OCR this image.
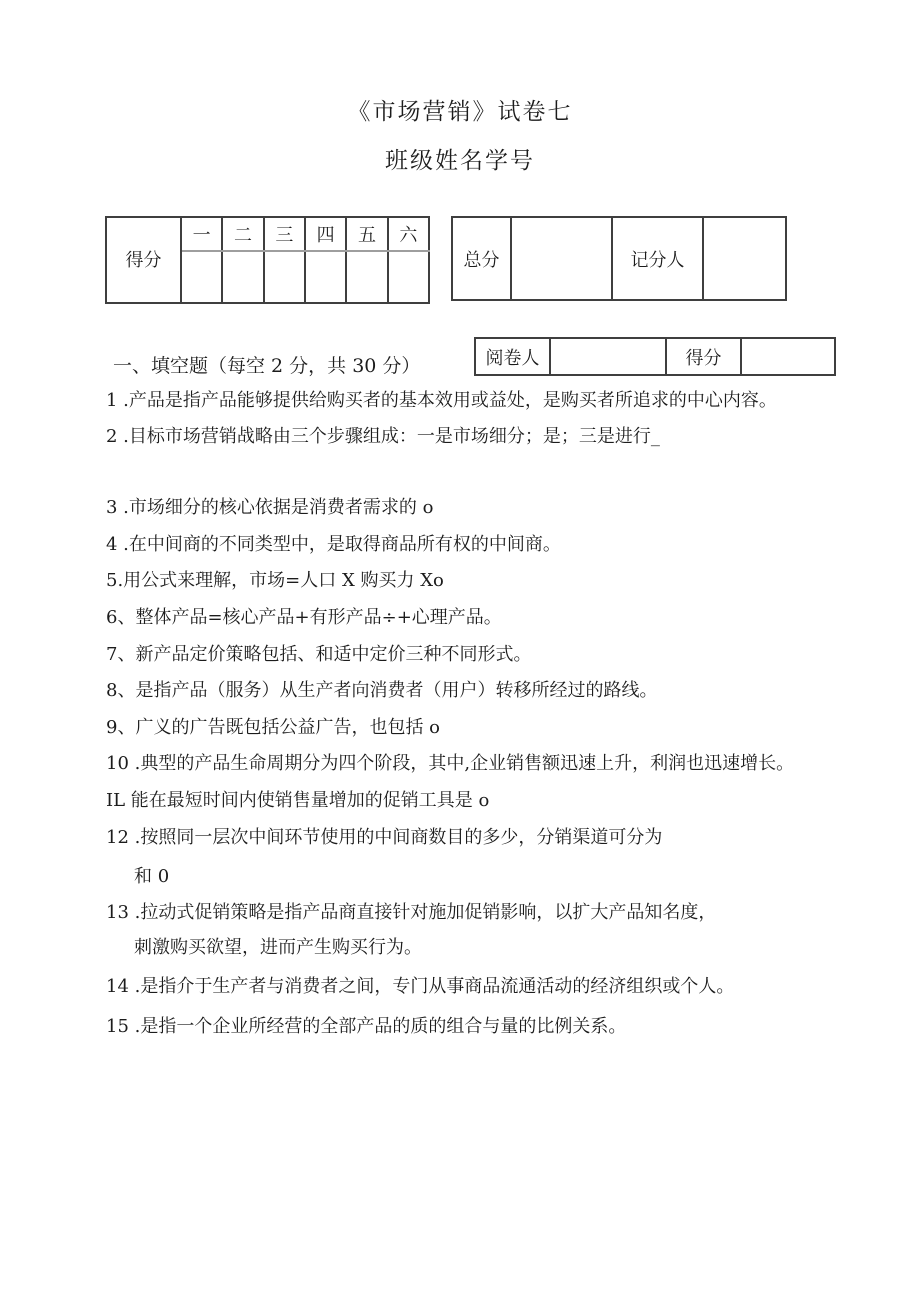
《市场营销》试卷七
班级姓名学号
得分	一	二	三	四	五	六

总分		记分人	
阅卷人		得分	
一、填空题（每空 2 分，共 30 分）
1 .产品是指产品能够提供给购买者的基本效用或益处，是购买者所追求的中心内容。
2 .目标市场营销战略由三个步骤组成：一是市场细分；是；三是进行_
3 .市场细分的核心依据是消费者需求的 o
4 .在中间商的不同类型中，是取得商品所有权的中间商。
5.用公式来理解，市场=人口 X 购买力 Xo
6、整体产品=核心产品+有形产品÷+心理产品。
7、新产品定价策略包括、和适中定价三种不同形式。
8、是指产品（服务）从生产者向消费者（用户）转移所经过的路线。
9、广义的广告既包括公益广告，也包括 o
10 .典型的产品生命周期分为四个阶段，其中,企业销售额迅速上升，利润也迅速增长。
IL 能在最短时间内使销售量增加的促销工具是 o
12 .按照同一层次中间环节使用的中间商数目的多少，分销渠道可分为
和 0
13 .拉动式促销策略是指产品商直接针对施加促销影响，以扩大产品知名度，
刺激购买欲望，进而产生购买行为。
14 .是指介于生产者与消费者之间，专门从事商品流通活动的经济组织或个人。
15 .是指一个企业所经营的全部产品的质的组合与量的比例关系。
